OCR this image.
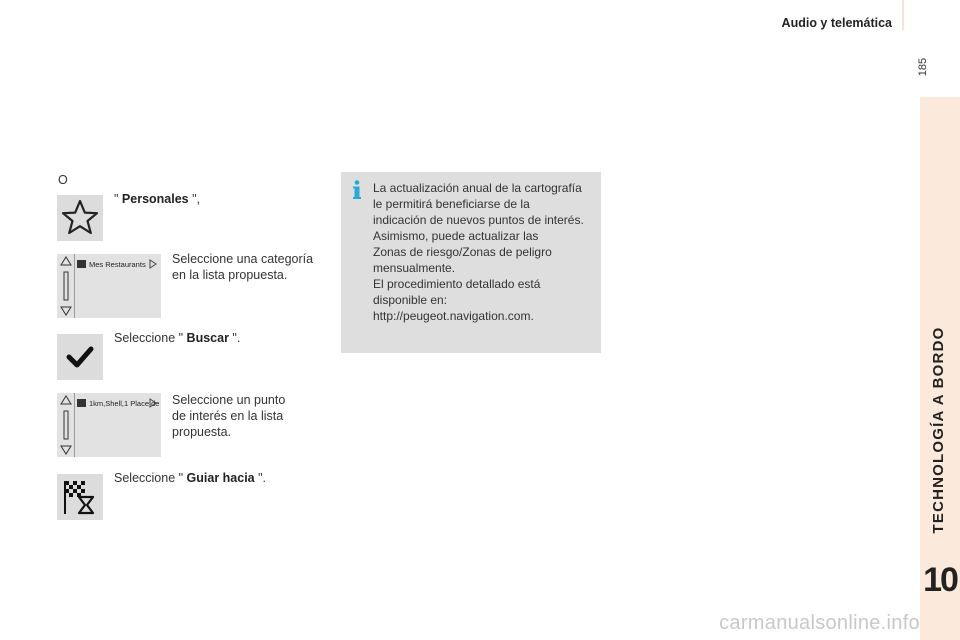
Audio y telemática
185
TECHNOLOGÍA A BORDO
10
O
" Personales ",
Mes Restaurants Seleccione una categoría
en la lista propuesta.
Seleccione " Buscar ".
1km,Shell,1 Place de Seleccione un punto
de interés en la lista
propuesta.
Seleccione " Guiar hacia ".
La actualización anual de la cartografía
le permitirá beneficiarse de la
indicación de nuevos puntos de interés.
Asimismo, puede actualizar las
Zonas de riesgo/Zonas de peligro
mensualmente.
El procedimiento detallado está
disponible en:
http://peugeot.navigation.com.
carmanualsonline.info
